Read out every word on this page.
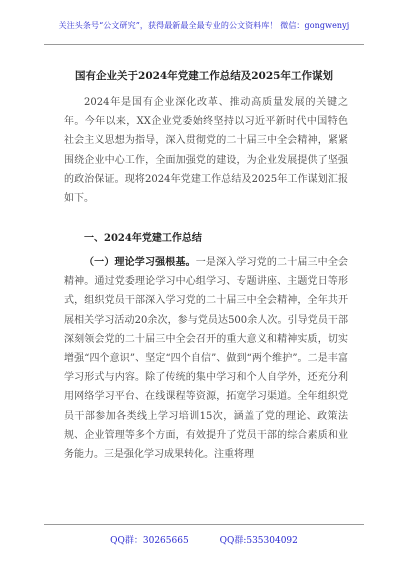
关注头条号“公文研究”，获得最新最全最专业的公文资料库！ 微信：gongwenyj
国有企业关于2024年党建工作总结及2025年工作谋划
2024年是国有企业深化改革、推动高质量发展的关键之年。今年以来，XX企业党委始终坚持以习近平新时代中国特色社会主义思想为指导，深入贯彻党的二十届三中全会精神，紧紧围绕企业中心工作，全面加强党的建设，为企业发展提供了坚强的政治保证。现将2024年党建工作总结及2025年工作谋划汇报如下。
一、2024年党建工作总结
（一）理论学习强根基。一是深入学习党的二十届三中全会精神。通过党委理论学习中心组学习、专题讲座、主题党日等形式，组织党员干部深入学习党的二十届三中全会精神，全年共开展相关学习活动20余次，参与党员达500余人次。引导党员干部深刻领会党的二十届三中全会召开的重大意义和精神实质，切实增强“四个意识”、坚定“四个自信”、做到“两个维护”。二是丰富学习形式与内容。除了传统的集中学习和个人自学外，还充分利用网络学习平台、在线课程等资源，拓宽学习渠道。全年组织党员干部参加各类线上学习培训15次，涵盖了党的理论、政策法规、企业管理等多个方面，有效提升了党员干部的综合素质和业务能力。三是强化学习成果转化。注重将理
QQ群：30265665	QQ群:535304092
